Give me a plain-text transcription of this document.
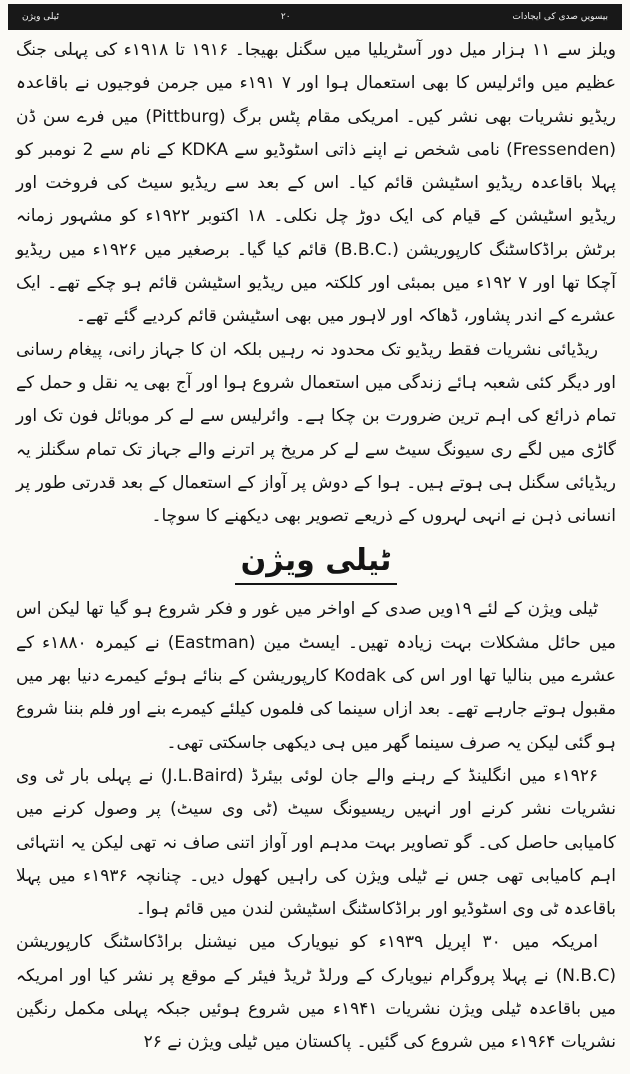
بیسویں صدی کی ایجادات
۲۰
ٹیلی ویژن

ویلز سے ۱۱ ہزار میل دور آسٹریلیا میں سگنل بھیجا۔ ۱۹۱۶ تا ۱۹۱۸ء کی پہلی جنگ عظیم میں وائرلیس کا بھی استعمال ہوا اور ۷ ۱۹۱ء میں جرمن فوجیوں نے باقاعدہ ریڈیو نشریات بھی نشر کیں۔ امریکی مقام پٹس برگ (Pittburg) میں فرے سن ڈن (Fressenden) نامی شخص نے اپنے ذاتی اسٹوڈیو سے KDKA کے نام سے 2 نومبر کو پہلا باقاعدہ ریڈیو اسٹیشن قائم کیا۔ اس کے بعد سے ریڈیو سیٹ کی فروخت اور ریڈیو اسٹیشن کے قیام کی ایک دوڑ چل نکلی۔ ۱۸ اکتوبر ۱۹۲۲ء کو مشہور زمانہ برٹش براڈکاسٹنگ کارپوریشن (.B.B.C) قائم کیا گیا۔ برصغیر میں ۱۹۲۶ء میں ریڈیو آچکا تھا اور ۷ ۱۹۲ء میں بمبئی اور کلکتہ میں ریڈیو اسٹیشن قائم ہو چکے تھے۔ ایک عشرے کے اندر پشاور، ڈھاکہ اور لاہور میں بھی اسٹیشن قائم کردیے گئے تھے۔

ریڈیائی نشریات فقط ریڈیو تک محدود نہ رہیں بلکہ ان کا جہاز رانی، پیغام رسانی اور دیگر کئی شعبہ ہائے زندگی میں استعمال شروع ہوا اور آج بھی یہ نقل و حمل کے تمام ذرائع کی اہم ترین ضرورت بن چکا ہے۔ وائرلیس سے لے کر موبائل فون تک اور گاڑی میں لگے ری سیونگ سیٹ سے لے کر مریخ پر اترنے والے جہاز تک تمام سگنلز یہ ریڈیائی سگنل ہی ہوتے ہیں۔ ہوا کے دوش پر آواز کے استعمال کے بعد قدرتی طور پر انسانی ذہن نے انہی لہروں کے ذریعے تصویر بھی دیکھنے کا سوچا۔

ٹیلی ویژن

ٹیلی ویژن کے لئے ۱۹ویں صدی کے اواخر میں غور و فکر شروع ہو گیا تھا لیکن اس میں حائل مشکلات بہت زیادہ تھیں۔ ایسٹ مین (Eastman) نے کیمرہ ۱۸۸۰ء کے عشرے میں بنالیا تھا اور اس کی Kodak کارپوریشن کے بنائے ہوئے کیمرے دنیا بھر میں مقبول ہوتے جارہے تھے۔ بعد ازاں سینما کی فلموں کیلئے کیمرے بنے اور فلم بننا شروع ہو گئی لیکن یہ صرف سینما گھر میں ہی دیکھی جاسکتی تھی۔

۱۹۲۶ء میں انگلینڈ کے رہنے والے جان لوئی بیئرڈ (J.L.Baird) نے پہلی بار ٹی وی نشریات نشر کرنے اور انہیں ریسیونگ سیٹ (ٹی وی سیٹ) پر وصول کرنے میں کامیابی حاصل کی۔ گو تصاویر بہت مدہم اور آواز اتنی صاف نہ تھی لیکن یہ انتہائی اہم کامیابی تھی جس نے ٹیلی ویژن کی راہیں کھول دیں۔ چنانچہ ۱۹۳۶ء میں پہلا باقاعدہ ٹی وی اسٹوڈیو اور براڈکاسٹنگ اسٹیشن لندن میں قائم ہوا۔

امریکہ میں ۳۰ اپریل ۱۹۳۹ء کو نیویارک میں نیشنل براڈکاسٹنگ کارپوریشن (N.B.C) نے پہلا پروگرام نیویارک کے ورلڈ ٹریڈ فیئر کے موقع پر نشر کیا اور امریکہ میں باقاعدہ ٹیلی ویژن نشریات ۱۹۴۱ء میں شروع ہوئیں جبکہ پہلی مکمل رنگین نشریات ۱۹۶۴ء میں شروع کی گئیں۔ پاکستان میں ٹیلی ویژن نے ۲۶
